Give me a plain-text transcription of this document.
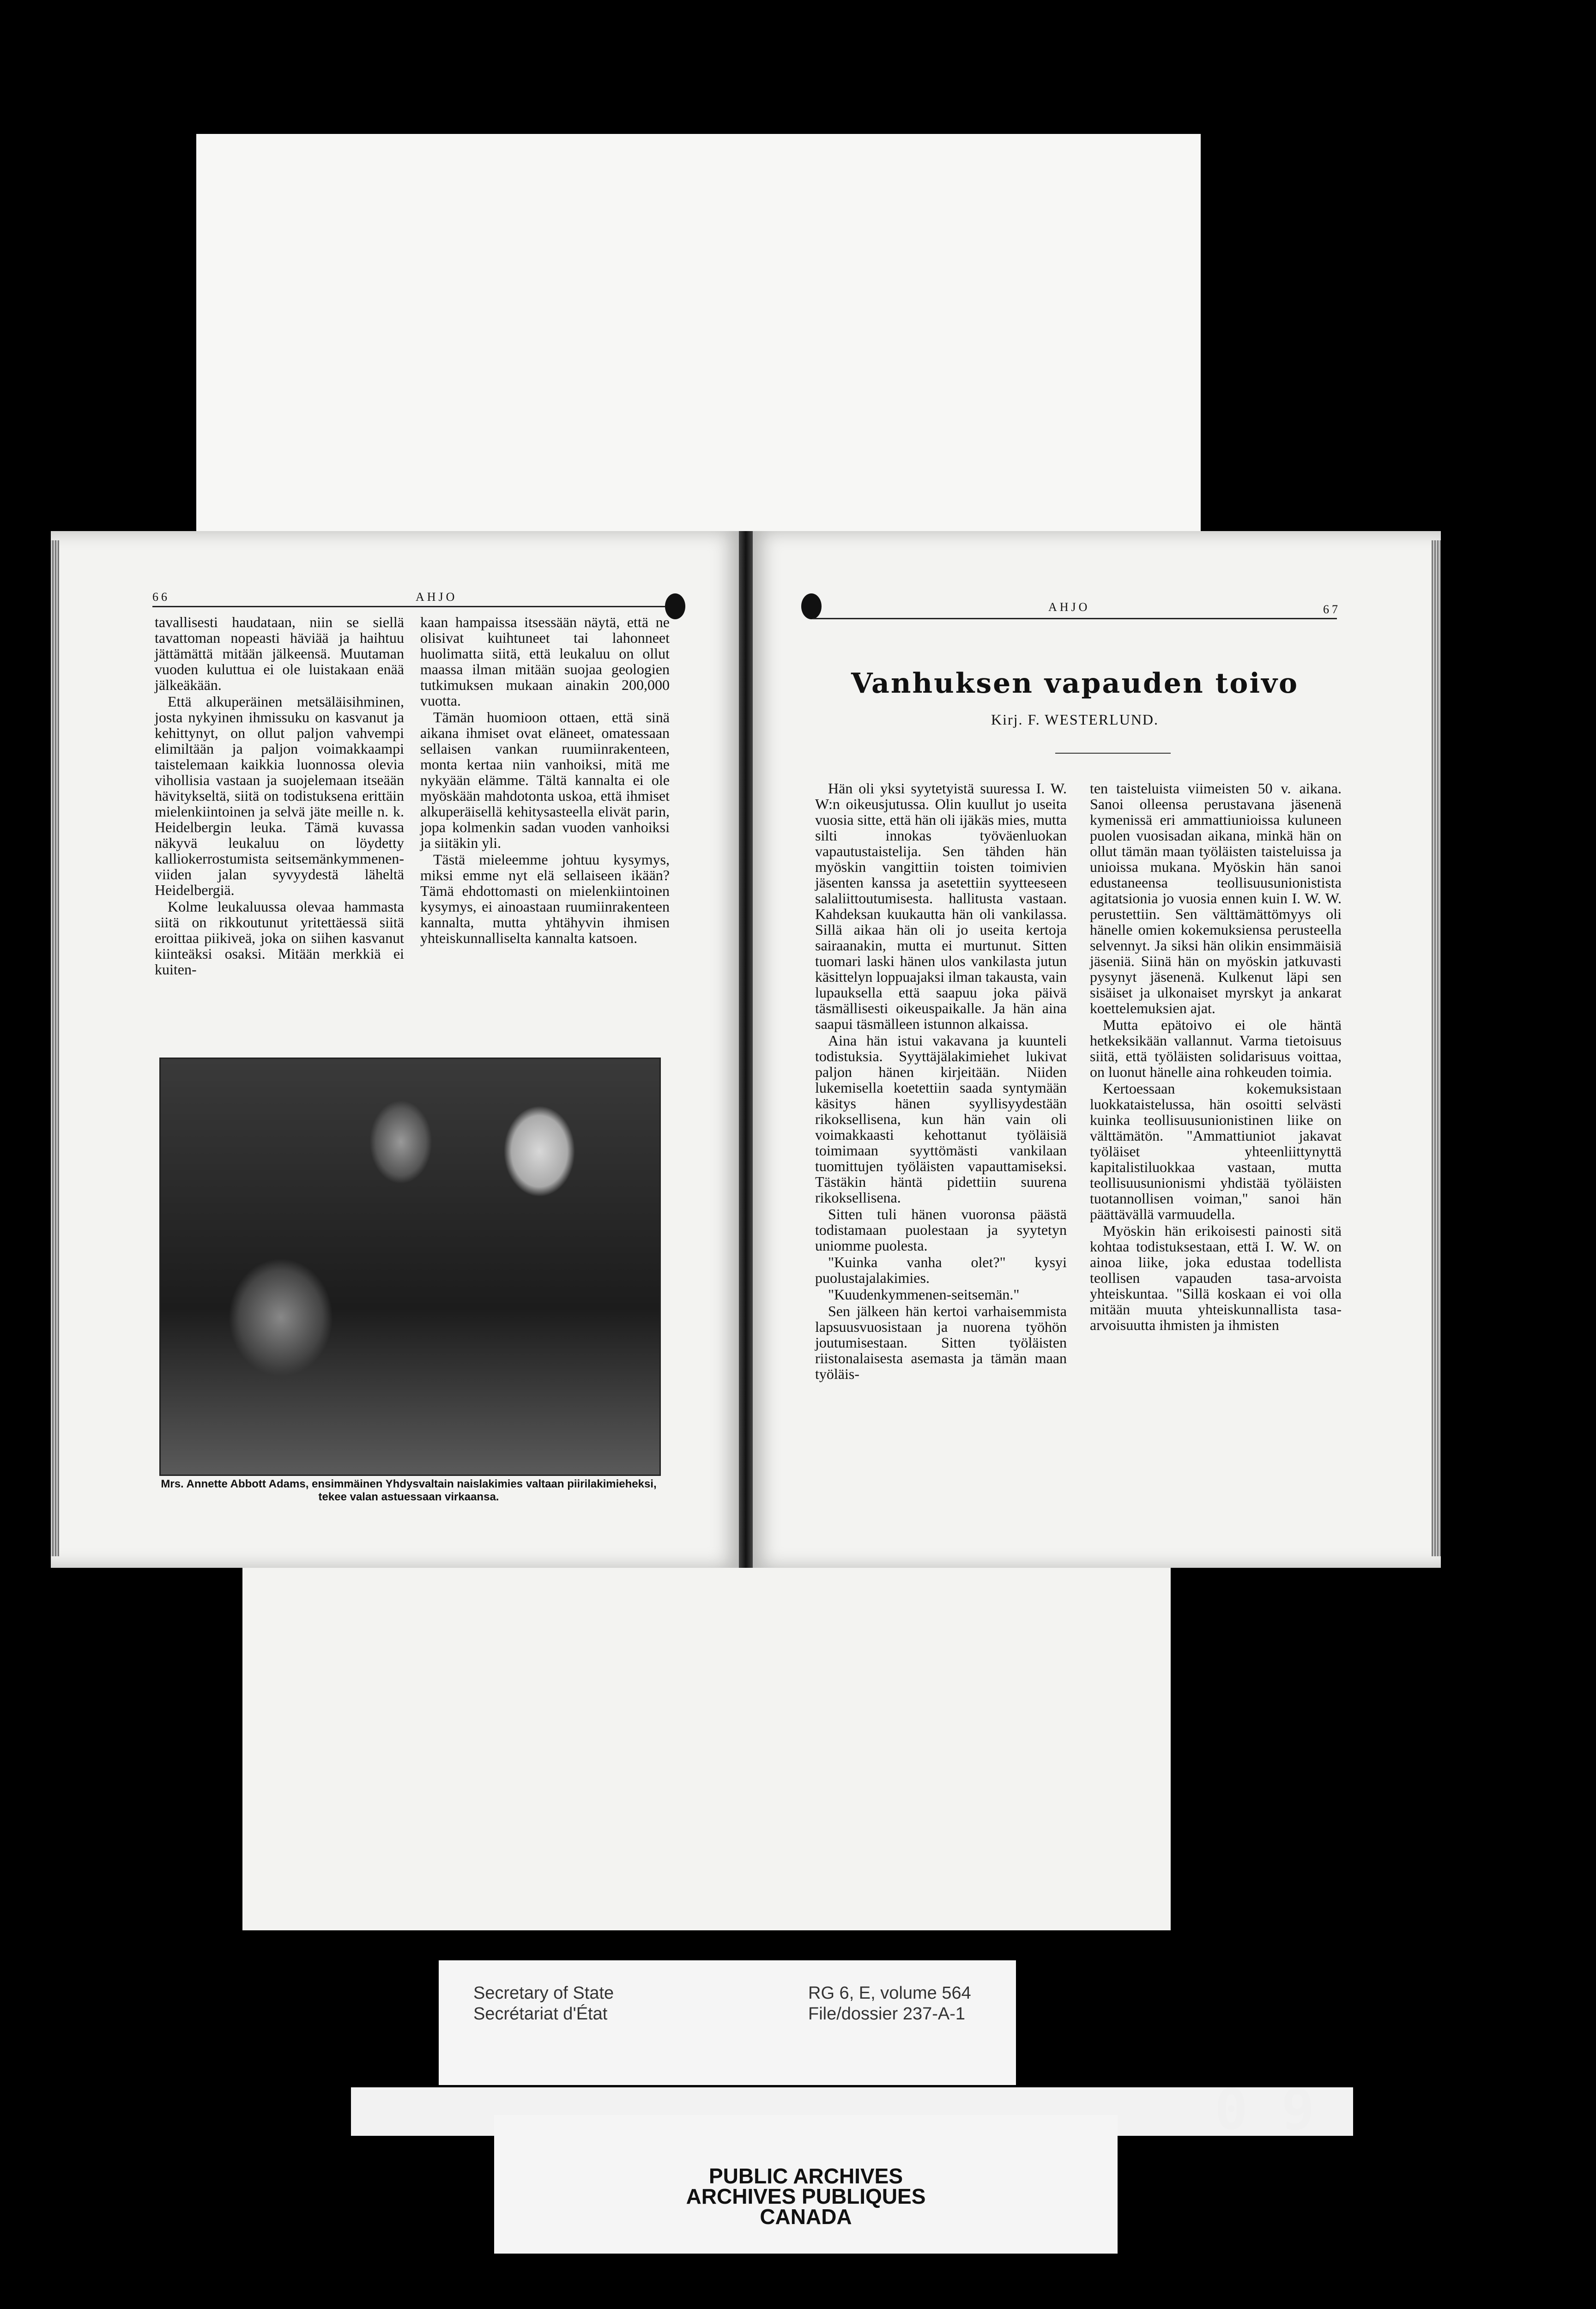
66	AHJO

tavallisesti haudataan, niin se siellä tavattoman nopeasti häviää ja haihtuu jättämättä mitään jälkeensä. Muutaman vuoden kuluttua ei ole luistakaan enää jälkeäkään.

Että alkuperäinen metsäläisihminen, josta nykyinen ihmissuku on kasvanut ja kehittynyt, on ollut paljon vahvempi elimiltään ja paljon voimakkaampi taistelemaan kaikkia luonnossa olevia vihollisia vastaan ja suojelemaan itseään hävitykseltä, siitä on todistuksena erittäin mielenkiintoinen ja selvä jäte meille n. k. Heidelbergin leuka. Tämä kuvassa näkyvä leukaluu on löydetty kalliokerrostumista seitsemänkymmenen-viiden jalan syvyydestä läheltä Heidelbergiä.

Kolme leukaluussa olevaa hammasta siitä on rikkoutunut yritettäessä siitä eroittaa piikiveä, joka on siihen kasvanut kiinteäksi osaksi. Mitään merkkiä ei kuiten-

kaan hampaissa itsessään näytä, että ne olisivat kuihtuneet tai lahonneet huolimatta siitä, että leukaluu on ollut maassa ilman mitään suojaa geologien tutkimuksen mukaan ainakin 200,000 vuotta.

Tämän huomioon ottaen, että sinä aikana ihmiset ovat eläneet, omatessaan sellaisen vankan ruumiinrakenteen, monta kertaa niin vanhoiksi, mitä me nykyään elämme. Tältä kannalta ei ole myöskään mahdotonta uskoa, että ihmiset alkuperäisellä kehitysasteella elivät parin, jopa kolmenkin sadan vuoden vanhoiksi ja siitäkin yli.

Tästä mieleemme johtuu kysymys, miksi emme nyt elä sellaiseen ikään? Tämä ehdottomasti on mielenkiintoinen kysymys, ei ainoastaan ruumiinrakenteen kannalta, mutta yhtähyvin ihmisen yhteiskunnalliselta kannalta katsoen.

Mrs. Annette Abbott Adams, ensimmäinen Yhdysvaltain naislakimies valtaan piirilakimieheksi, tekee valan astuessaan virkaansa.
AHJO	67
Vanhuksen vapauden toivo
Kirj. F. WESTERLUND.

Hän oli yksi syytetyistä suuressa I. W. W:n oikeusjutussa. Olin kuullut jo useita vuosia sitte, että hän oli ijäkäs mies, mutta silti innokas työväenluokan vapautustaistelija. Sen tähden hän myöskin vangittiin toisten toimivien jäsenten kanssa ja asetettiin syytteeseen salaliittoutumisesta. hallitusta vastaan. Kahdeksan kuukautta hän oli vankilassa. Sillä aikaa hän oli jo useita kertoja sairaanakin, mutta ei murtunut. Sitten tuomari laski hänen ulos vankilasta jutun käsittelyn loppuajaksi ilman takausta, vain lupauksella että saapuu joka päivä täsmällisesti oikeuspaikalle. Ja hän aina saapui täsmälleen istunnon alkaissa.

Aina hän istui vakavana ja kuunteli todistuksia. Syyttäjälakimiehet lukivat paljon hänen kirjeitään. Niiden lukemisella koetettiin saada syntymään käsitys hänen syyllisyydestään rikoksellisena, kun hän vain oli voimakkaasti kehottanut työläisiä toimimaan syyttömästi vankilaan tuomittujen työläisten vapauttamiseksi. Tästäkin häntä pidettiin suurena rikoksellisena.

Sitten tuli hänen vuoronsa päästä todistamaan puolestaan ja syytetyn uniomme puolesta.

"Kuinka vanha olet?" kysyi puolustajalakimies.

"Kuudenkymmenen-seitsemän."

Sen jälkeen hän kertoi varhaisemmista lapsuusvuosistaan ja nuorena työhön joutumisestaan. Sitten työläisten riistonalaisesta asemasta ja tämän maan työläis-

ten taisteluista viimeisten 50 v. aikana. Sanoi olleensa perustavana jäsenenä kymenissä eri ammattiunioissa kuluneen puolen vuosisadan aikana, minkä hän on ollut tämän maan työläisten taisteluissa ja unioissa mukana. Myöskin hän sanoi edustaneensa teollisuusunionistista agitatsionia jo vuosia ennen kuin I. W. W. perustettiin. Sen välttämättömyys oli hänelle omien kokemuksiensa perusteella selvennyt. Ja siksi hän olikin ensimmäisiä jäseniä. Siinä hän on myöskin jatkuvasti pysynyt jäsenenä. Kulkenut läpi sen sisäiset ja ulkonaiset myrskyt ja ankarat koettelemuksien ajat.

Mutta epätoivo ei ole häntä hetkeksikään vallannut. Varma tietoisuus siitä, että työläisten solidarisuus voittaa, on luonut hänelle aina rohkeuden toimia.

Kertoessaan kokemuksistaan luokkataistelussa, hän osoitti selvästi kuinka teollisuusunionistinen liike on välttämätön. "Ammattiuniot jakavat työläiset yhteenliittynyttä kapitalistiluokkaa vastaan, mutta teollisuusunionismi yhdistää työläisten tuotannollisen voiman," sanoi hän päättävällä varmuudella.

Myöskin hän erikoisesti painosti sitä kohtaa todistuksestaan, että I. W. W. on ainoa liike, joka edustaa todellista teollisen vapauden tasa-arvoista yhteiskuntaa. "Sillä koskaan ei voi olla mitään muuta yhteiskunnallista tasa-arvoisuutta ihmisten ja ihmisten

Secretary of State
Secrétariat d'État
RG 6, E, volume 564
File/dossier 237-A-1
PUBLIC ARCHIVES
ARCHIVES PUBLIQUES
CANADA
0 9
